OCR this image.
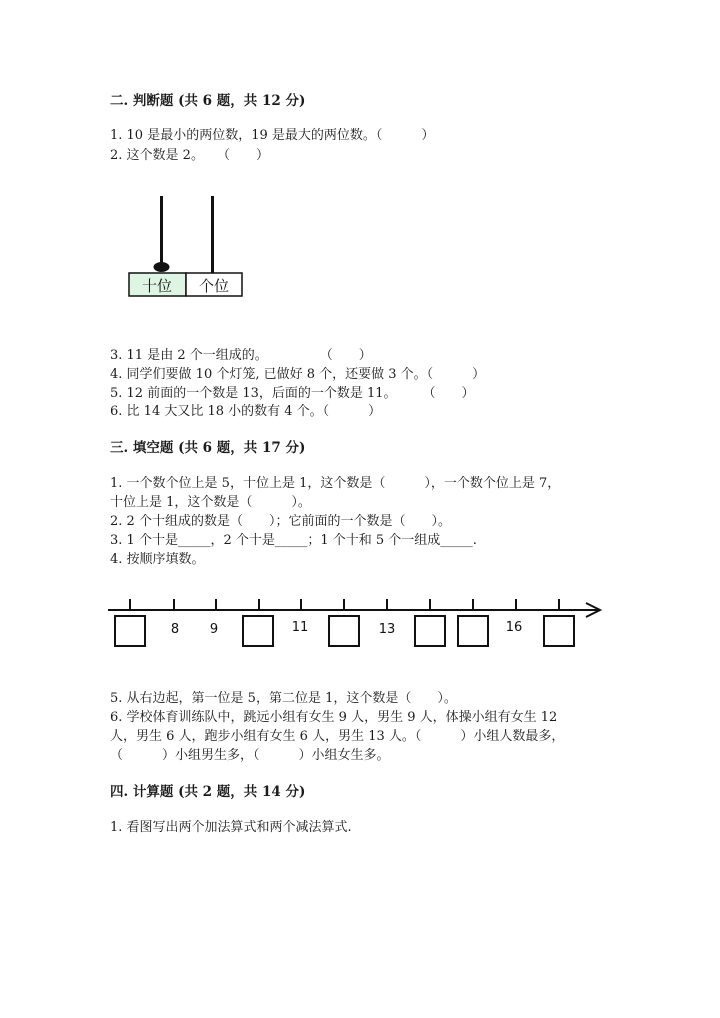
二. 判断题 (共 6 题，共 12 分)
1. 10 是最小的两位数，19 是最大的两位数。（　　　）
2. 这个数是 2。　　（　　）
十位 个位
3. 11 是由 2 个一组成的。　　　　　（　　）
4. 同学们要做 10 个灯笼, 已做好 8 个，还要做 3 个。（　　　）
5. 12 前面的一个数是 13，后面的一个数是 11。　　　（　　）
6. 比 14 大又比 18 小的数有 4 个。（　　　）
三. 填空题 (共 6 题，共 17 分)
1. 一个数个位上是 5，十位上是 1，这个数是（　　　），一个数个位上是 7，
十位上是 1，这个数是（　　　）。
2. 2 个十组成的数是（　　）；它前面的一个数是（　　）。
3. 1 个十是_____，2 个十是_____；1 个十和 5 个一组成_____.
4. 按顺序填数。
8 9	11	13	16
5. 从右边起，第一位是 5，第二位是 1，这个数是（　　）。
6. 学校体育训练队中，跳远小组有女生 9 人，男生 9 人，体操小组有女生 12
人，男生 6 人，跑步小组有女生 6 人，男生 13 人。（　　　）小组人数最多，
（　　　）小组男生多，（　　　）小组女生多。
四. 计算题 (共 2 题，共 14 分)
1. 看图写出两个加法算式和两个减法算式.
